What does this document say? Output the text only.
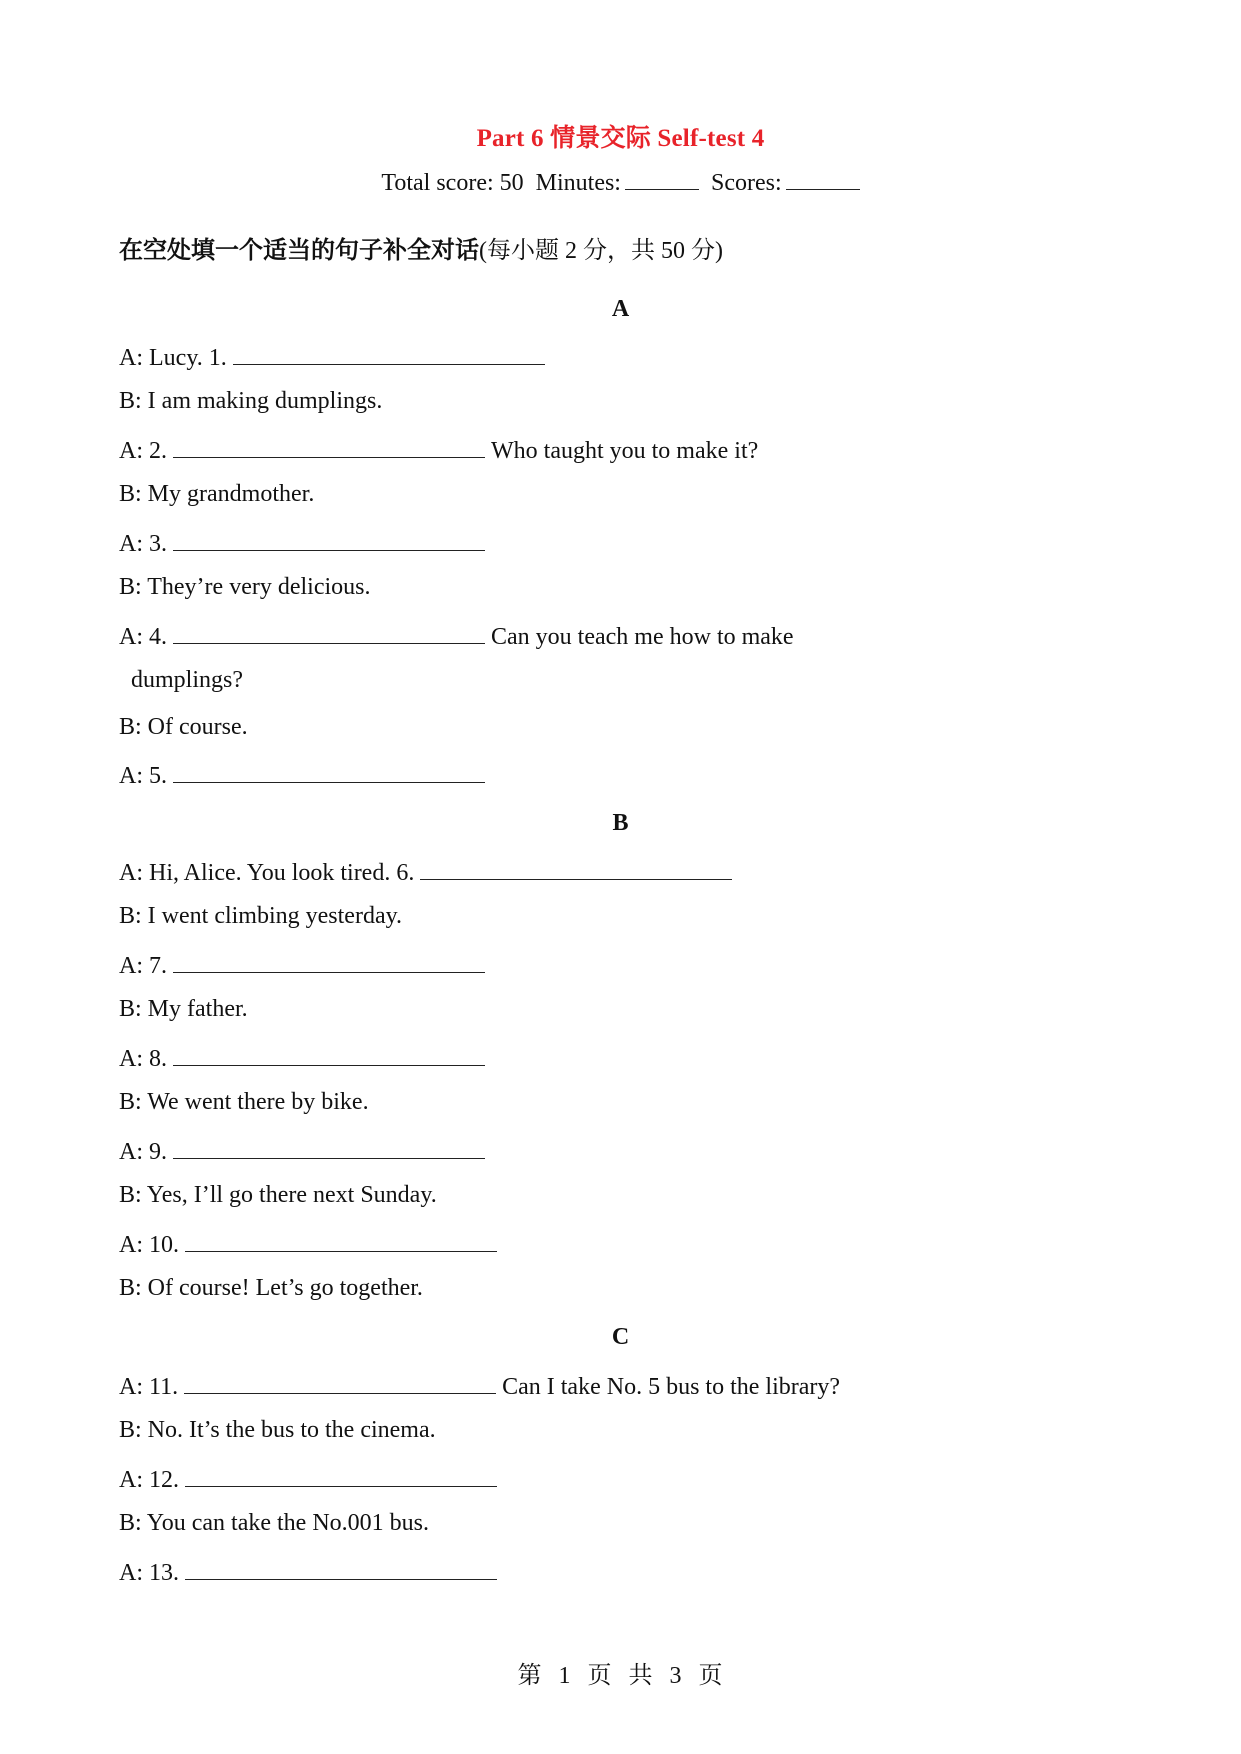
Part 6 情景交际 Self-test 4
Total score: 50 Minutes:	Scores:
在空处填一个适当的句子补全对话(每小题 2 分，共 50 分)
A
A: Lucy. 1.
B: I am making dumplings.
A: 2.	Who taught you to make it?
B: My grandmother.
A: 3.
B: They’re very delicious.
A: 4.	Can you teach me how to make
dumplings?
B: Of course.
A: 5.
B
A: Hi, Alice. You look tired. 6.
B: I went climbing yesterday.
A: 7.
B: My father.
A: 8.
B: We went there by bike.
A: 9.
B: Yes, I’ll go there next Sunday.
A: 10.
B: Of course! Let’s go together.
C
A: 11.	Can I take No. 5 bus to the library?
B: No. It’s the bus to the cinema.
A: 12.
B: You can take the No.001 bus.
A: 13.
第 1 页 共 3 页
